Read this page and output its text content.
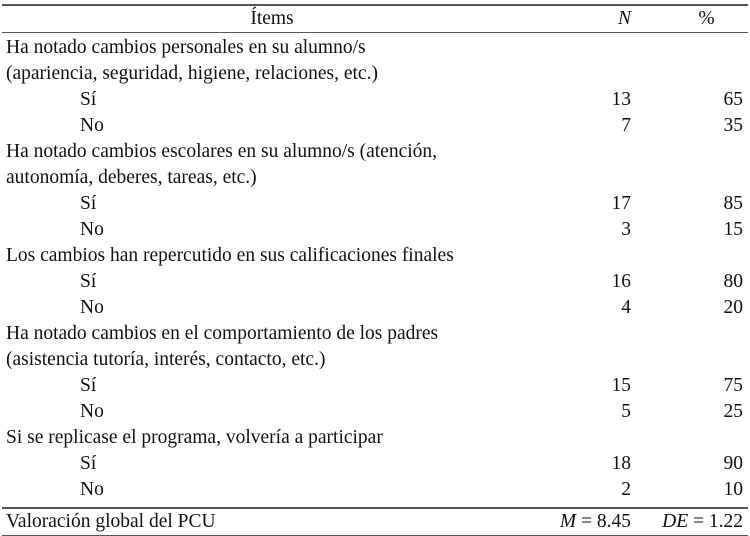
Ítems	N	%
Ha notado cambios personales en su alumno/s
(apariencia, seguridad, higiene, relaciones, etc.)
Sí	13	65
No	7	35
Ha notado cambios escolares en su alumno/s (atención,
autonomía, deberes, tareas, etc.)
Sí	17	85
No	3	15
Los cambios han repercutido en sus calificaciones finales
Sí	16	80
No	4	20
Ha notado cambios en el comportamiento de los padres
(asistencia tutoría, interés, contacto, etc.)
Sí	15	75
No	5	25
Si se replicase el programa, volvería a participar
Sí	18	90
No	2	10
Valoración global del PCU	M = 8.45	DE = 1.22
